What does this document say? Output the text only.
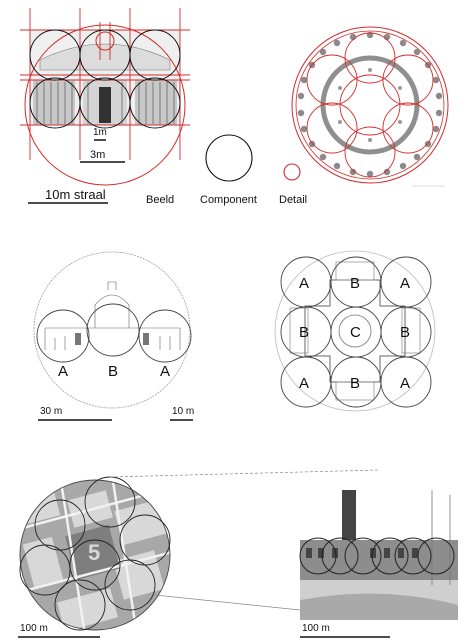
5
1m
3m
10m straal	Beeld Component Detail
A	B	A
30 m	10 m
A	B	A
B	C	B
A	B	A
100 m	100 m
